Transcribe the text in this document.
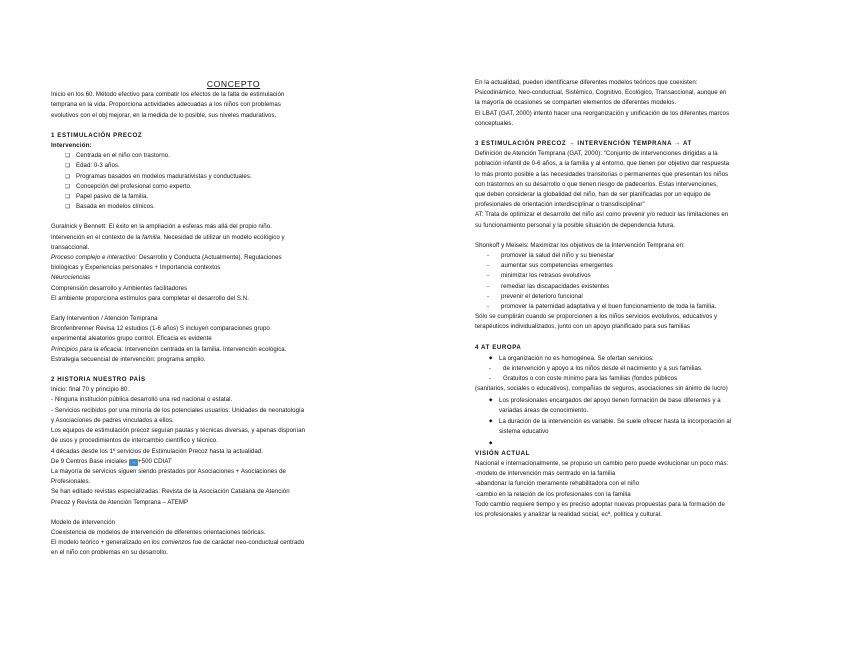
CONCEPTO
Inicio en los 60. Método efectivo para combatir los efectos de la falta de estimulación
temprana en la vida. Proporciona actividades adecuadas a los niños con problemas
evolutivos con el obj mejorar, en la medida de lo posible, sus niveles madurativos.
1 ESTIMULACIÓN PRECOZ
Intervención:
❏ Centrada en el niño con trastorno.
❏ Edad: 0-3 años.
❏ Programas basados en modelos madurativistas y conductuales.
❏ Concepción del profesional como experto.
❏ Papel pasivo de la familia.
❏ Basada en modelos clínicos.
Guralnick y Bennett: El éxito en la ampliación a esferas más allá del propio niño.
Intervención en el contexto de la familia. Necesidad de utilizar un modelo ecológico y
transaccional.
Proceso complejo e interactivo: Desarrollo y Conducta (Actualmente), Regulaciones
biológicas y Experiencias personales + Importancia contextos
Neurociencias
Comprensión desarrollo y Ambientes facilitadores
El ambiente proporciona estímulos para completar el desarrollo del S.N.
Early Intervention / Atención Temprana
Bronfenbrenner Revisa 12 estudios (1-6 años) S incluyen comparaciones grupo
experimental aleatorios grupo control. Eficacia es evidente
Principios para la eficacia: Intervención centrada en la familia. Intervención ecológica.
Estrategia secuencial de intervención: programa amplio.
2 HISTORIA NUESTRO PAÍS
Inicio: final 70 y principio 80.
- Ninguna institución pública desarrolló una red nacional o estatal.
- Servicios recibidos por una minoría de los potenciales usuarios: Unidades de neonatología
y Asociaciones de padres vinculados a ellos.
Los equipos de estimulación precoz seguían pautas y técnicas diversas, y apenas disponían
de usos y procedimientos de intercambio científico y técnico.
4 décadas desde los 1º servicios de Estimulación Precoz hasta la actualidad.
De 9 Centros Base iniciales → +500 CDIAT
La mayoría de servicios siguen siendo prestados por Asociaciones + Asociaciones de
Profesionales.
Se han editado revistas especializadas: Revista de la Asociación Catalana de Atención
Precoz y Revista de Atención Temprana – ATEMP
Modelo de intervención
Coexistencia de modelos de intervención de diferentes orientaciones teóricas.
El modelo teórico + generalizado en los comienzos fue de carácter neo-conductual centrado
en el niño con problemas en su desarrollo.
En la actualidad, pueden identificarse diferentes modelos teóricos que coexisten:
Psicodinámico, Neo-conductual, Sistémico, Cognitivo, Ecológico, Transaccional, aunque en
la mayoría de ocasiones se comparten elementos de diferentes modelos.
El LBAT (GAT, 2000) intentó hacer una reorganización y unificación de los diferentes marcos
conceptuales.
3 ESTIMULACIÓN PRECOZ → INTERVENCIÓN TEMPRANA → AT
Definición de Atención Temprana (GAT, 2000): "Conjunto de intervenciones dirigidas a la
población infantil de 0-6 años, a la familia y al entorno, que tienen por objetivo dar respuesta
lo más pronto posible a las necesidades transitorias o permanentes que presentan los niños
con trastornos en su desarrollo o que tienen riesgo de padecerlos. Estas intervenciones,
que deben considerar la globalidad del niño, han de ser planificadas por un equipo de
profesionales de orientación interdisciplinar o transdisciplinar"
AT: Trata de optimizar el desarrollo del niño así como prevenir y/o reducir las limitaciones en
su funcionamiento personal y la posible situación de dependencia futura.
Shonkoff y Meisels: Maximizar los objetivos de la Intervención Temprana en:
- promover la salud del niño y su bienestar
- aumentar sus competencias emergentes
- minimizar los retrasos evolutivos
- remediar las discapacidades existentes
- prevenir el deterioro funcional
- promover la paternidad adaptativa y el buen funcionamiento de toda la familia.
Sólo se cumplirán cuando se proporcionen a los niños servicios evolutivos, educativos y
terapéuticos individualizados, junto con un apoyo planificado para sus familias
4 AT EUROPA
◆ La organización no es homogénea. Se ofertan servicios:
- de intervención y apoyo a los niños desde el nacimiento y a sus familias.
- Gratuitos o con coste mínimo para las familias (fondos públicos
(sanitarios, sociales o educativos), compañías de seguros, asociaciones sin ánimo de lucro)
◆ Los profesionales encargados del apoyo tienen formación de base diferentes y a
variadas áreas de conocimiento.
◆ La duración de la intervención es variable. Se suele ofrecer hasta la incorporación al
sistema educativo
◆
VISIÓN ACTUAL
Nacional e internacionalmente, se propuso un cambio pero puede evolucionar un poco más:
-modelo de intervención más centrado en la familia
-abandonar la función meramente rehabilitadora con el niño
-cambio en la relación de los profesionales con la familia
Todo cambio requiere tiempo y es preciso adoptar nuevas propuestas para la formación de
los profesionales y analizar la realidad social, ecª, política y cultural.
